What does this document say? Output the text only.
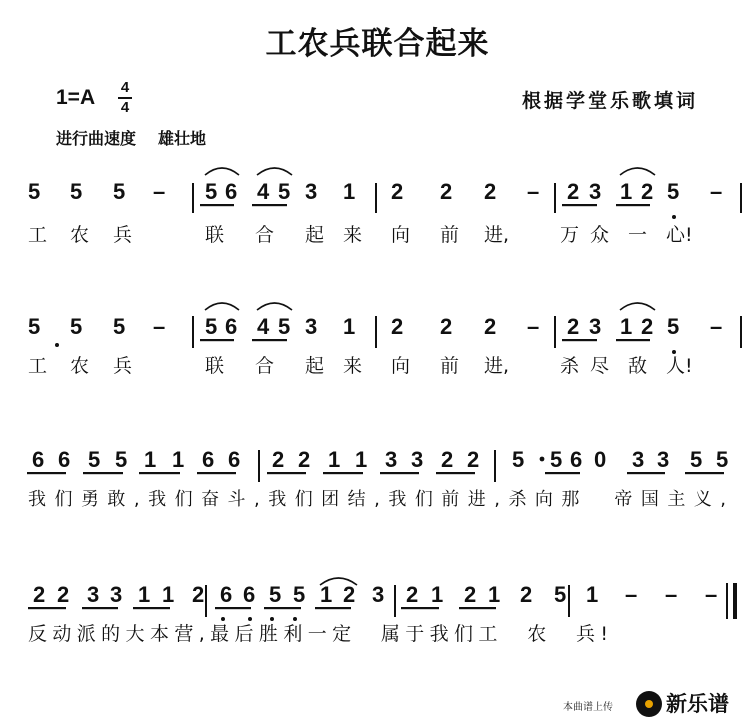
工农兵联合起来
1=A 4
4	根据学堂乐歌填词
进行曲速度 雄壮地
5 5 5 – 5 6 4 5 3 1 2 2 2 – 2 3 1 2 5 –
工 农 兵	联 合 起 来 向 前 进,	万 众 一 心!
5 5 5 – 5 6 4 5 3 1 2 2 2 – 2 3 1 2 5 –
工 农 兵	联 合 起 来 向 前 进,	杀 尽 敌 人!
6 6 5 5 1 1 6 6 2 2 1 1 3 3 2 2 5 5 6 0 3 3 5 5
我们勇敢,我们奋斗,我们团结,我们前进,杀向那　帝国主义,
2 2 3 3 1 1 2 6 6 5 5 1 2 3 2 1 2 1 2 5 1 – – –
反动派的大本营,最后胜利一定　属于我们工　农　兵!
本曲谱上传	新乐谱
